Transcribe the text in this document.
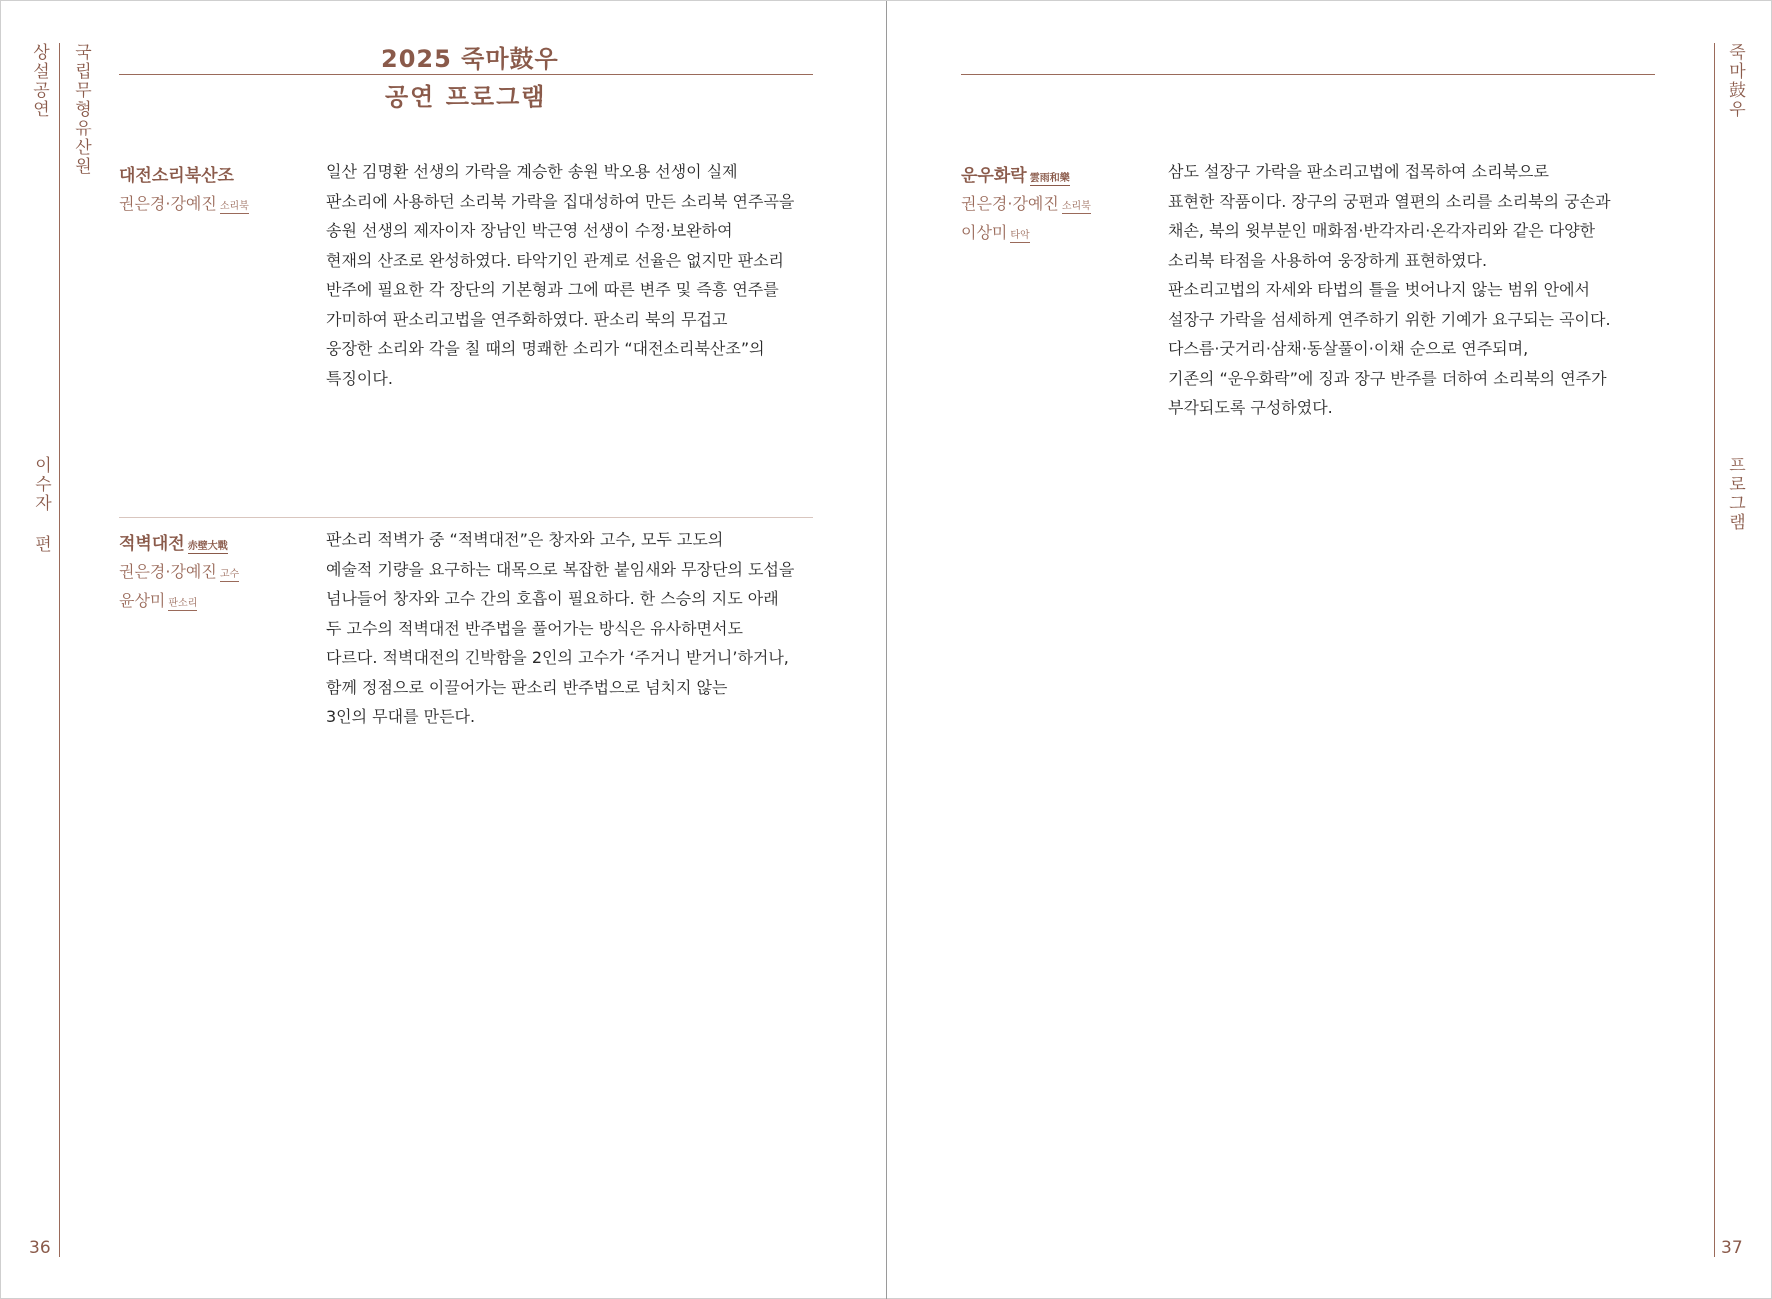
상설공연 국립무형유산원
이수자 편
36
2025 죽마鼓우
공연 프로그램
대전소리북산조
권은경·강예진 소리북

일산 김명환 선생의 가락을 계승한 송원 박오용 선생이 실제

판소리에 사용하던 소리북 가락을 집대성하여 만든 소리북 연주곡을

송원 선생의 제자이자 장남인 박근영 선생이 수정·보완하여

현재의 산조로 완성하였다. 타악기인 관계로 선율은 없지만 판소리

반주에 필요한 각 장단의 기본형과 그에 따른 변주 및 즉흥 연주를

가미하여 판소리고법을 연주화하였다. 판소리 북의 무겁고

웅장한 소리와 각을 칠 때의 명쾌한 소리가 “대전소리북산조”의

특징이다.

적벽대전 赤壁大戰
권은경·강예진 고수
윤상미 판소리

판소리 적벽가 중 “적벽대전”은 창자와 고수, 모두 고도의

예술적 기량을 요구하는 대목으로 복잡한 붙임새와 무장단의 도섭을

넘나들어 창자와 고수 간의 호흡이 필요하다. 한 스승의 지도 아래

두 고수의 적벽대전 반주법을 풀어가는 방식은 유사하면서도

다르다. 적벽대전의 긴박함을 2인의 고수가 ‘주거니 받거니’하거나,

함께 정점으로 이끌어가는 판소리 반주법으로 넘치지 않는

3인의 무대를 만든다.

죽마鼓우
프로그램
37
운우화락 雲雨和樂
권은경·강예진 소리북
이상미 타악

삼도 설장구 가락을 판소리고법에 접목하여 소리북으로

표현한 작품이다. 장구의 궁편과 열편의 소리를 소리북의 궁손과

채손, 북의 윗부분인 매화점·반각자리·온각자리와 같은 다양한

소리북 타점을 사용하여 웅장하게 표현하였다.

판소리고법의 자세와 타법의 틀을 벗어나지 않는 범위 안에서

설장구 가락을 섬세하게 연주하기 위한 기예가 요구되는 곡이다.

다스름·굿거리·삼채·동살풀이·이채 순으로 연주되며,

기존의 “운우화락”에 징과 장구 반주를 더하여 소리북의 연주가

부각되도록 구성하였다.
